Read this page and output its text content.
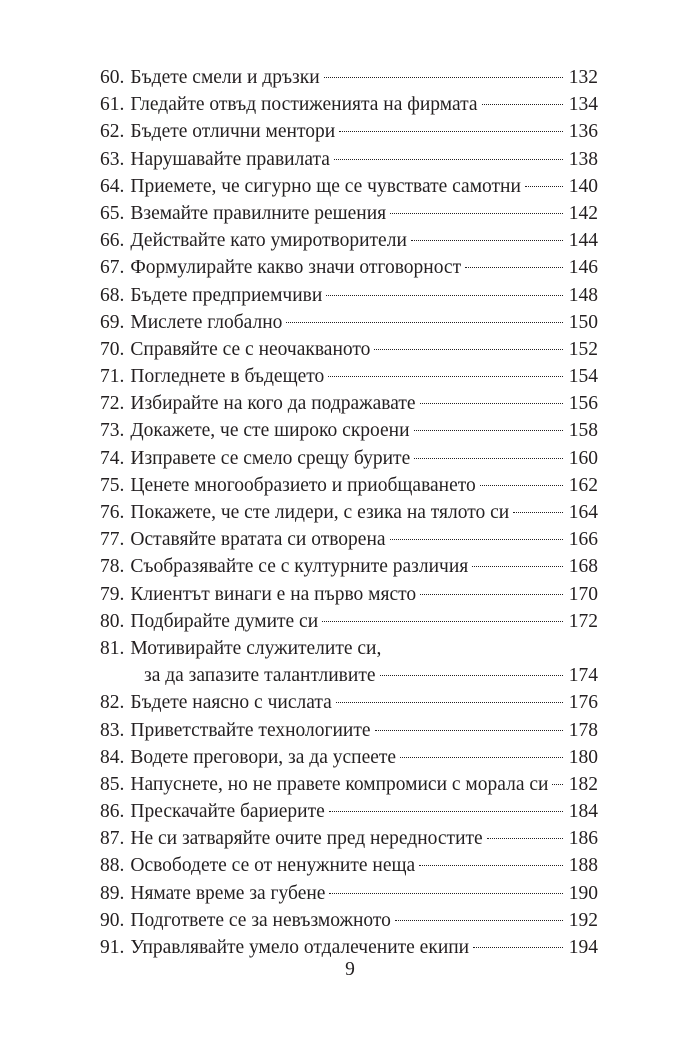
60. Бъдете смели и дръзки	132
61. Гледайте отвъд постиженията на фирмата	134
62. Бъдете отлични ментори	136
63. Нарушавайте правилата	138
64. Приемете, че сигурно ще се чувствате самотни 140
65. Вземайте правилните решения	142
66. Действайте като умиротворители	144
67. Формулирайте какво значи отговорност	146
68. Бъдете предприемчиви	148
69. Мислете глобално	150
70. Справяйте се с неочакваното	152
71. Погледнете в бъдещето	154
72. Избирайте на кого да подражавате	156
73. Докажете, че сте широко скроени	158
74. Изправете се смело срещу бурите	160
75. Ценете многообразието и приобщаването	162
76. Покажете, че сте лидери, с езика на тялото си	164
77. Оставяйте вратата си отворена	166
78. Съобразявайте се с културните различия	168
79. Клиентът винаги е на първо място	170
80. Подбирайте думите си	172
81. Мотивирайте служителите си,
за да запазите талантливите	174
82. Бъдете наясно с числата	176
83. Приветствайте технологиите	178
84. Водете преговори, за да успеете	180
85. Напуснете, но не правете компромиси с морала си 182
86. Прескачайте бариерите	184
87. Не си затваряйте очите пред нередностите	186
88. Освободете се от ненужните неща	188
89. Нямате време за губене	190
90. Подгответе се за невъзможното	192
91. Управлявайте умело отдалечените екипи	194
9
